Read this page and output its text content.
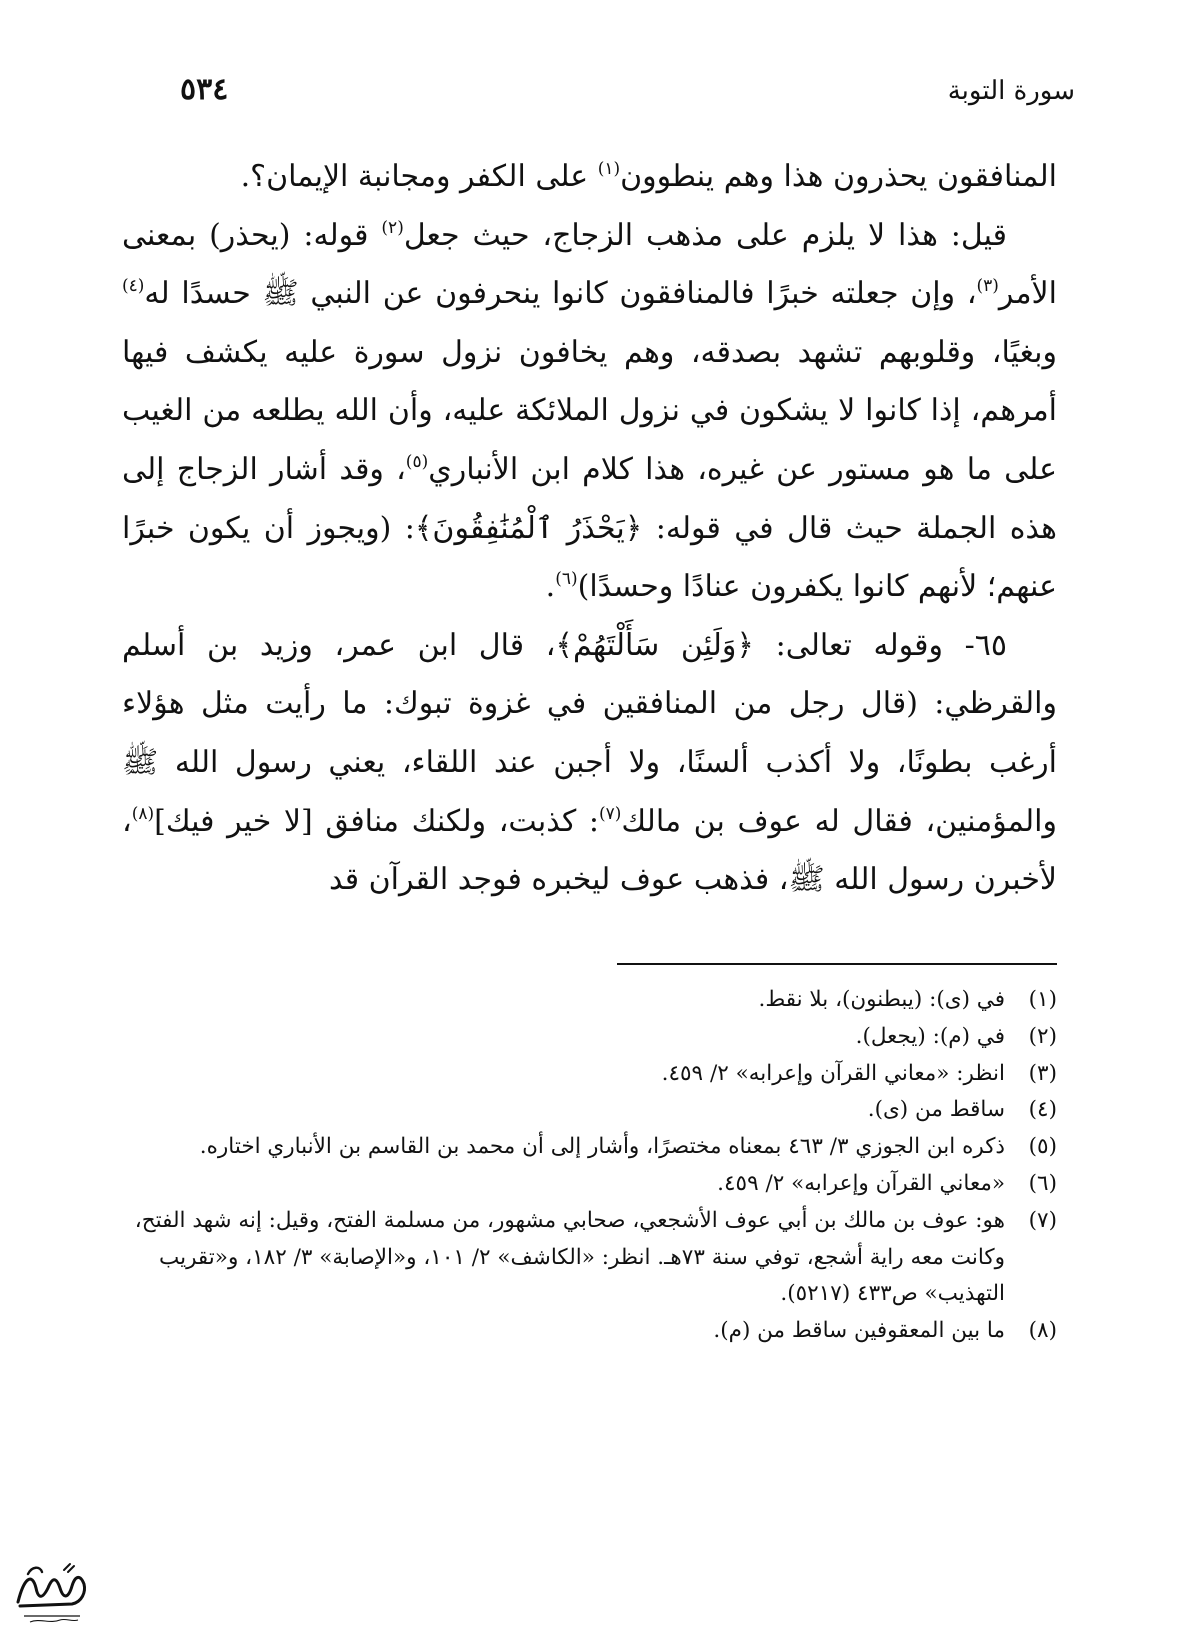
سورة التوبة
٥٣٤

المنافقون يحذرون هذا وهم ينطوون$^{(١)}$ على الكفر ومجانبة الإيمان؟.

قيل: هذا لا يلزم على مذهب الزجاج، حيث جعل$^{(٢)}$ قوله: (يحذر) بمعنى الأمر$^{(٣)}$، وإن جعلته خبرًا فالمنافقون كانوا ينحرفون عن النبي ﷺ حسدًا له$^{(٤)}$ وبغيًا، وقلوبهم تشهد بصدقه، وهم يخافون نزول سورة عليه يكشف فيها أمرهم، إذا كانوا لا يشكون في نزول الملائكة عليه، وأن الله يطلعه من الغيب على ما هو مستور عن غيره، هذا كلام ابن الأنباري$^{(٥)}$، وقد أشار الزجاج إلى هذه الجملة حيث قال في قوله: ﴿يَحْذَرُ ٱلْمُنَٰفِقُونَ﴾: (ويجوز أن يكون خبرًا عنهم؛ لأنهم كانوا يكفرون عنادًا وحسدًا)$^{(٦)}$.

٦٥- وقوله تعالى: ﴿وَلَئِن سَأَلْتَهُمْ﴾، قال ابن عمر، وزيد بن أسلم والقرظي: (قال رجل من المنافقين في غزوة تبوك: ما رأيت مثل هؤلاء أرغب بطونًا، ولا أكذب ألسنًا، ولا أجبن عند اللقاء، يعني رسول الله ﷺ والمؤمنين، فقال له عوف بن مالك$^{(٧)}$: كذبت، ولكنك منافق [لا خير فيك]$^{(٨)}$، لأخبرن رسول الله ﷺ، فذهب عوف ليخبره فوجد القرآن قد

(١)
في (ى): (يبطنون)، بلا نقط.
(٢)
في (م): (يجعل).
(٣)
انظر: «معاني القرآن وإعرابه» ٢/ ٤٥٩.
(٤)
ساقط من (ى).
(٥)
ذكره ابن الجوزي ٣/ ٤٦٣ بمعناه مختصرًا، وأشار إلى أن محمد بن القاسم بن الأنباري اختاره.
(٦)
«معاني القرآن وإعرابه» ٢/ ٤٥٩.
(٧)
هو: عوف بن مالك بن أبي عوف الأشجعي، صحابي مشهور، من مسلمة الفتح، وقيل: إنه شهد الفتح، وكانت معه راية أشجع، توفي سنة ٧٣هـ. انظر: «الكاشف» ٢/ ١٠١، و«الإصابة» ٣/ ١٨٢، و«تقريب التهذيب» ص٤٣٣ (٥٢١٧).
(٨)
ما بين المعقوفين ساقط من (م).
